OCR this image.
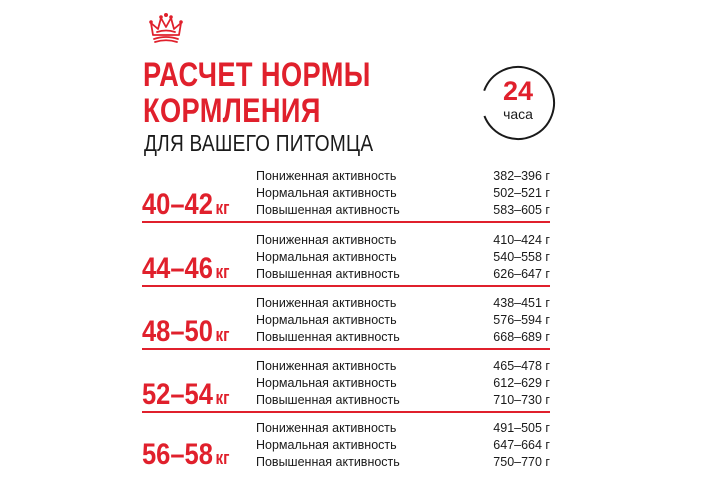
РАСЧЕТ НОРМЫ
КОРМЛЕНИЯ
ДЛЯ ВАШЕГО ПИТОМЦА
24
часа
40–42 кг
Пониженная активность	382–396 г
Нормальная активность	502–521 г
Повышенная активность	583–605 г
44–46 кг
Пониженная активность	410–424 г
Нормальная активность	540–558 г
Повышенная активность	626–647 г
48–50 кг
Пониженная активность	438–451 г
Нормальная активность	576–594 г
Повышенная активность	668–689 г
52–54 кг
Пониженная активность	465–478 г
Нормальная активность	612–629 г
Повышенная активность	710–730 г
56–58 кг
Пониженная активность	491–505 г
Нормальная активность	647–664 г
Повышенная активность	750–770 г
